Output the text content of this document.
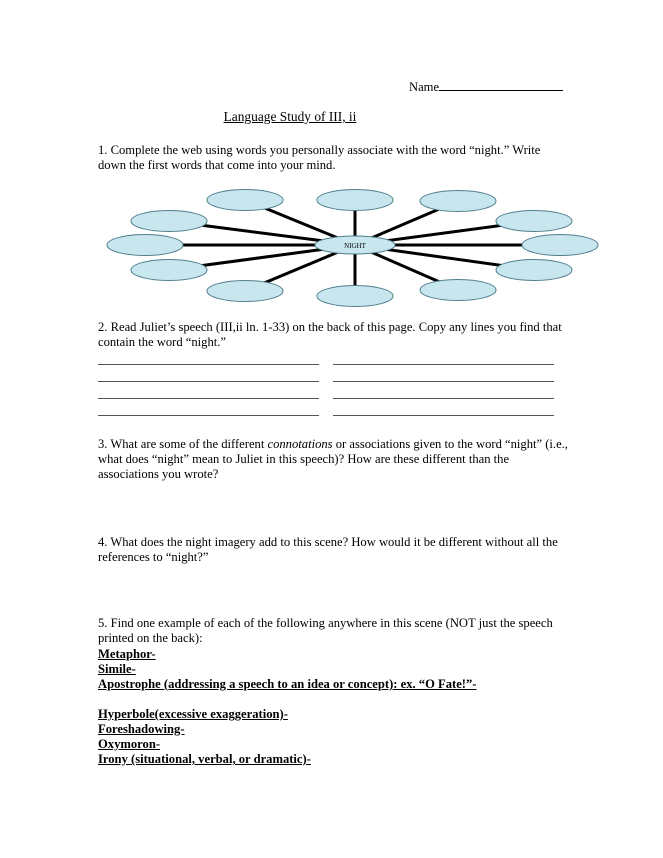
Name
Language Study of III, ii
1. Complete the web using words you personally associate with the word “night.” Write down the first words that come into your mind.
NIGHT
2. Read Juliet’s speech (III,ii ln. 1-33) on the back of this page. Copy any lines you find that contain the word “night.”
3. What are some of the different connotations or associations given to the word “night” (i.e., what does “night” mean to Juliet in this speech)? How are these different than the associations you wrote?
4. What does the night imagery add to this scene? How would it be different without all the references to “night?”
5. Find one example of each of the following anywhere in this scene (NOT just the speech printed on the back):
Metaphor-
Simile-
Apostrophe (addressing a speech to an idea or concept): ex. “O Fate!”-
Hyperbole(excessive exaggeration)-
Foreshadowing-
Oxymoron-
Irony (situational, verbal, or dramatic)-
